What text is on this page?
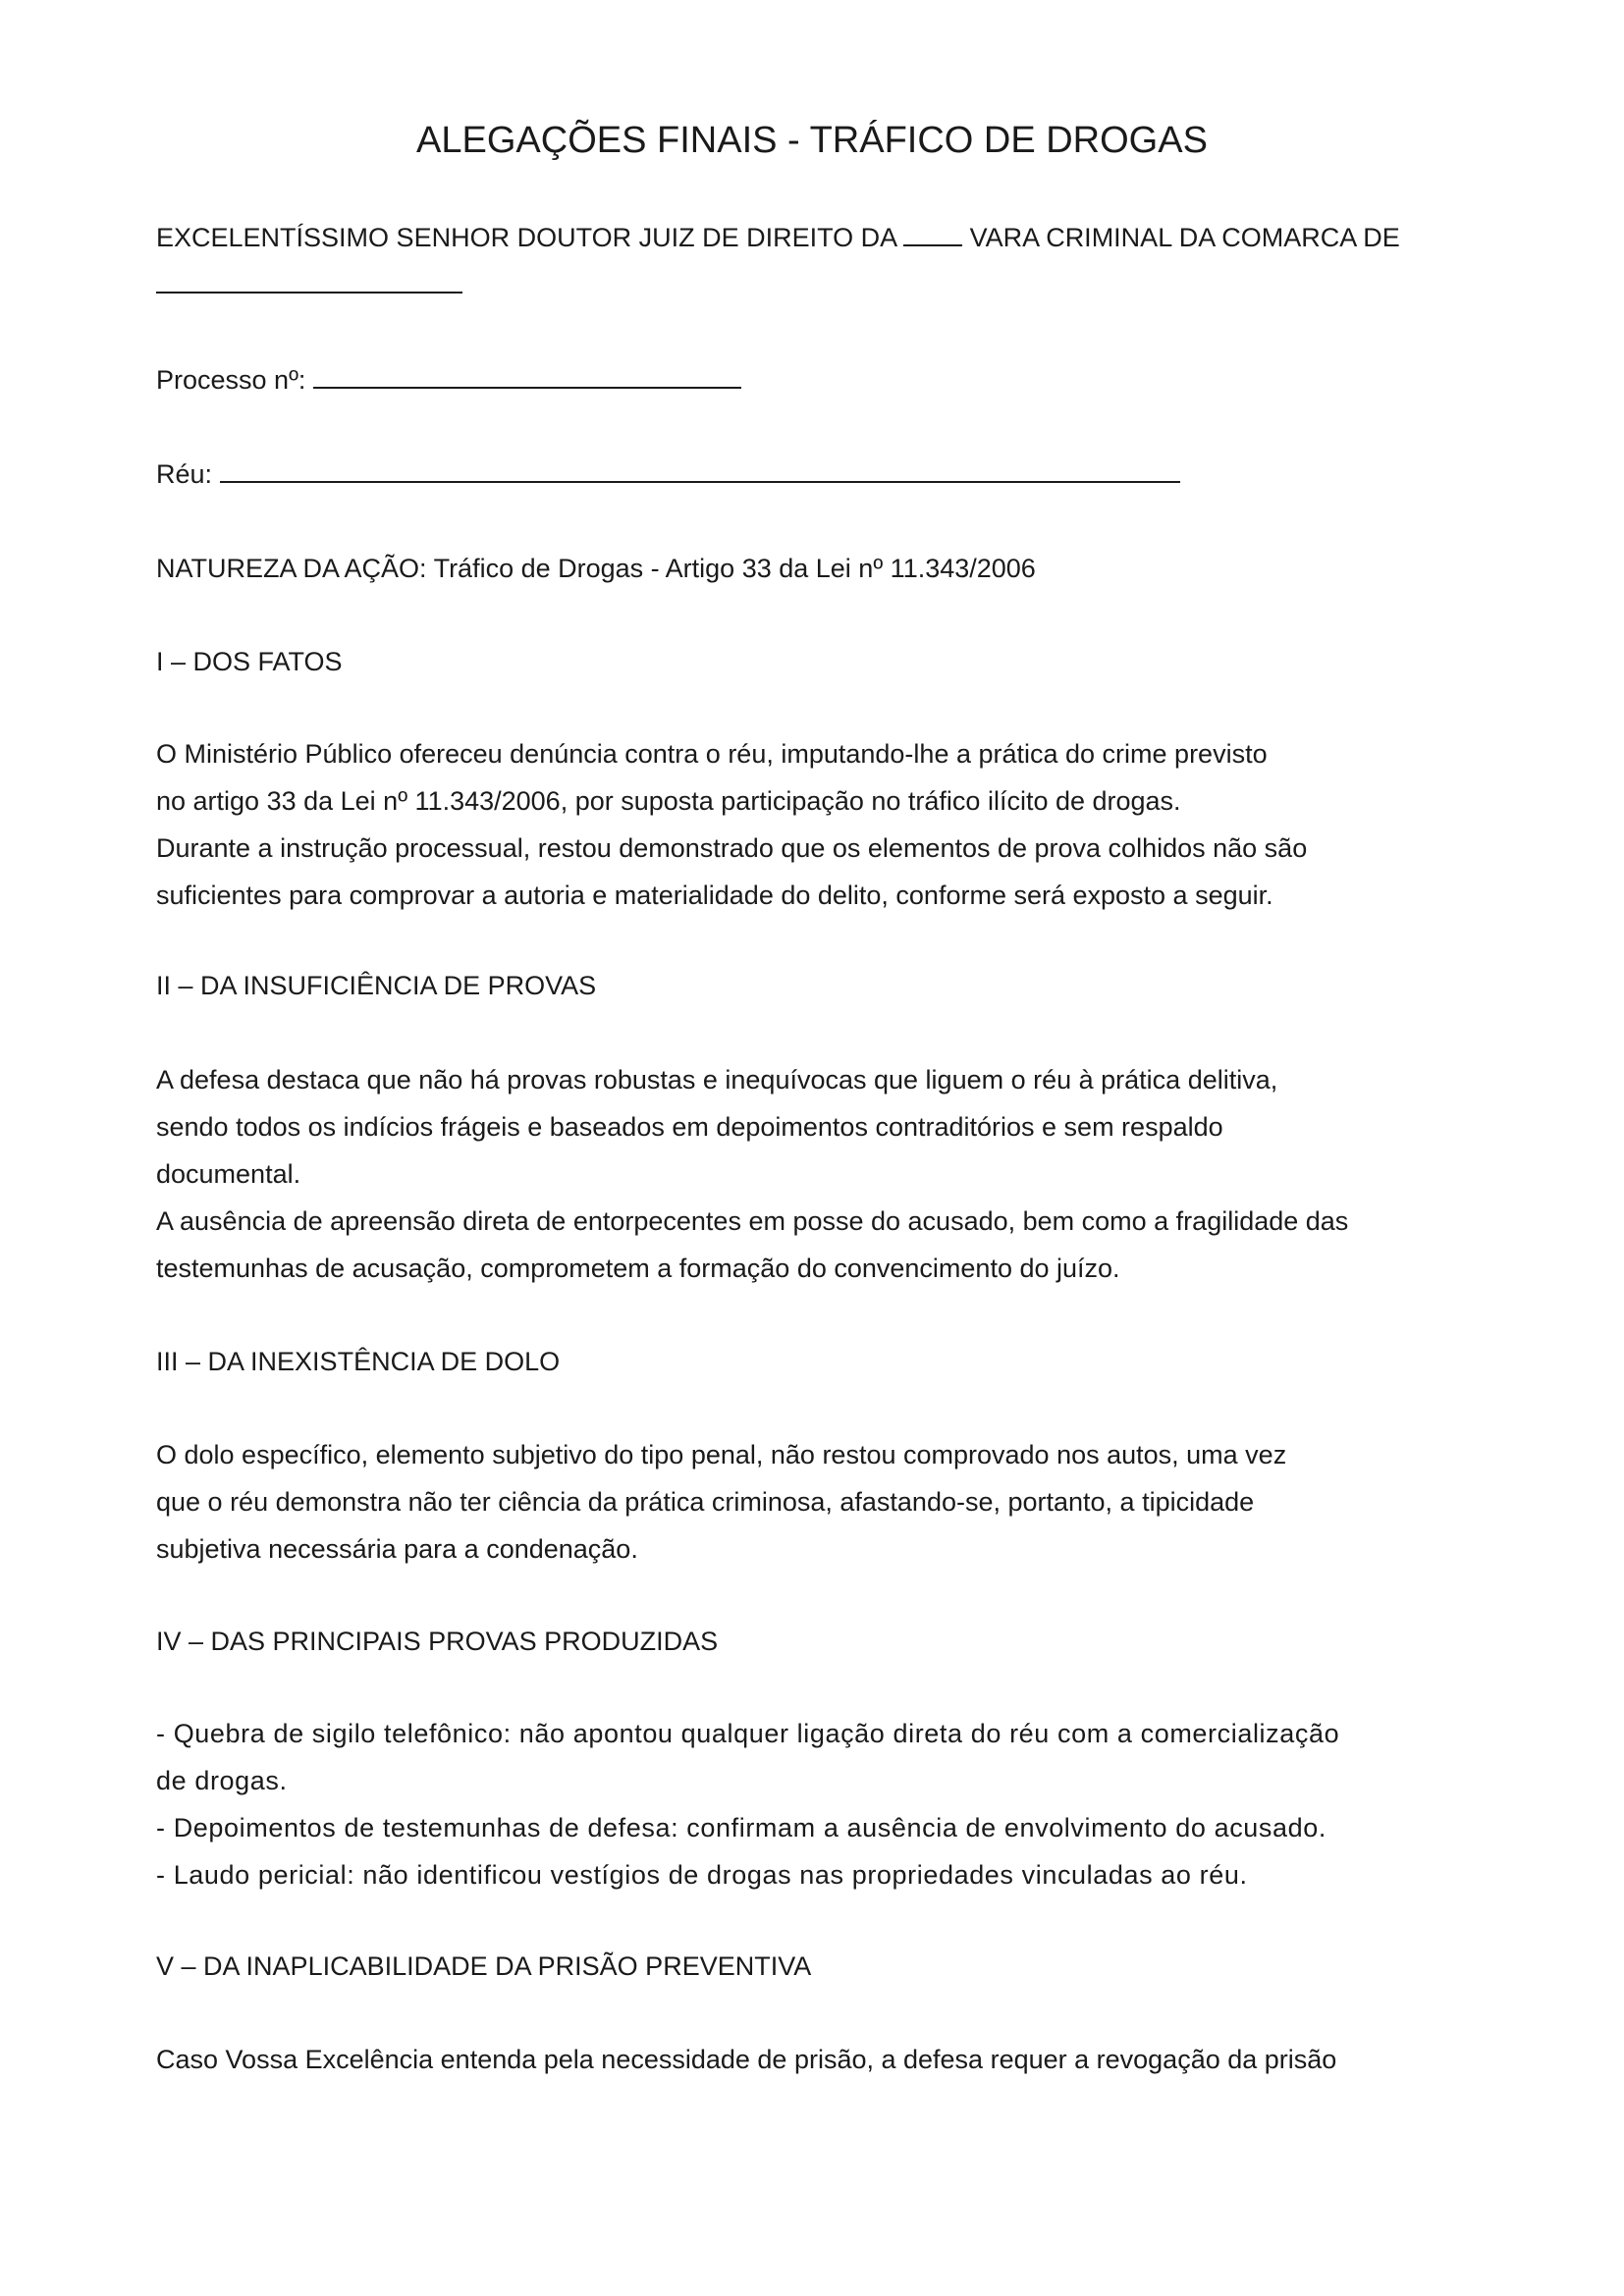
ALEGAÇÕES FINAIS - TRÁFICO DE DROGAS
EXCELENTÍSSIMO SENHOR DOUTOR JUIZ DE DIREITO DA	VARA CRIMINAL DA COMARCA DE
Processo nº:
Réu:
NATUREZA DA AÇÃO: Tráfico de Drogas - Artigo 33 da Lei nº 11.343/2006
I – DOS FATOS
O Ministério Público ofereceu denúncia contra o réu, imputando-lhe a prática do crime previsto
no artigo 33 da Lei nº 11.343/2006, por suposta participação no tráfico ilícito de drogas.
Durante a instrução processual, restou demonstrado que os elementos de prova colhidos não são
suficientes para comprovar a autoria e materialidade do delito, conforme será exposto a seguir.
II – DA INSUFICIÊNCIA DE PROVAS
A defesa destaca que não há provas robustas e inequívocas que liguem o réu à prática delitiva,
sendo todos os indícios frágeis e baseados em depoimentos contraditórios e sem respaldo
documental.
A ausência de apreensão direta de entorpecentes em posse do acusado, bem como a fragilidade das
testemunhas de acusação, comprometem a formação do convencimento do juízo.
III – DA INEXISTÊNCIA DE DOLO
O dolo específico, elemento subjetivo do tipo penal, não restou comprovado nos autos, uma vez
que o réu demonstra não ter ciência da prática criminosa, afastando-se, portanto, a tipicidade
subjetiva necessária para a condenação.
IV – DAS PRINCIPAIS PROVAS PRODUZIDAS
- Quebra de sigilo telefônico: não apontou qualquer ligação direta do réu com a comercialização
de drogas.
- Depoimentos de testemunhas de defesa: confirmam a ausência de envolvimento do acusado.
- Laudo pericial: não identificou vestígios de drogas nas propriedades vinculadas ao réu.
V – DA INAPLICABILIDADE DA PRISÃO PREVENTIVA
Caso Vossa Excelência entenda pela necessidade de prisão, a defesa requer a revogação da prisão
